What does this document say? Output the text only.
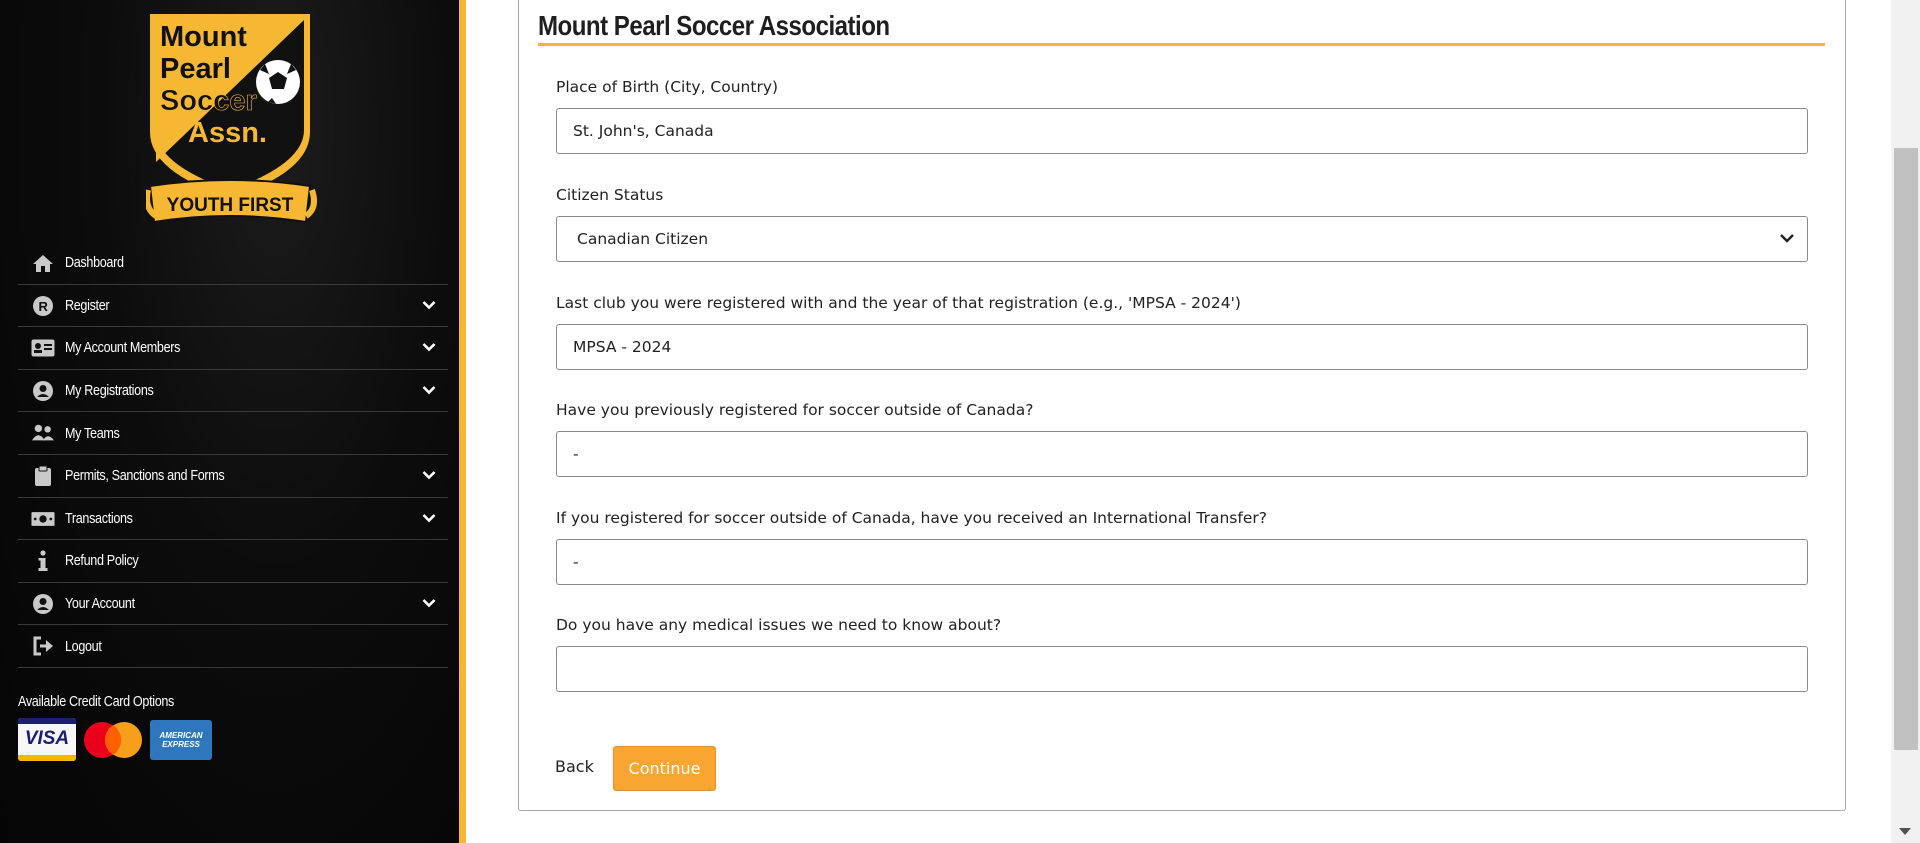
Mount
Pearl
Soccer
Assn.
YOUTH FIRST
Dashboard
R Register
My Account Members
My Registrations
My Teams
Permits, Sanctions and Forms
Transactions
Refund Policy
Your Account
Logout
Available Credit Card Options
VISA	AMERICAN
EXPRESS
Mount Pearl Soccer Association
Place of Birth (City, Country)
St. John's, Canada
Citizen Status
Canadian Citizen
Last club you were registered with and the year of that registration (e.g., 'MPSA - 2024')
MPSA - 2024
Have you previously registered for soccer outside of Canada?
-
If you registered for soccer outside of Canada, have you received an International Transfer?
-
Do you have any medical issues we need to know about?
Back	Continue
